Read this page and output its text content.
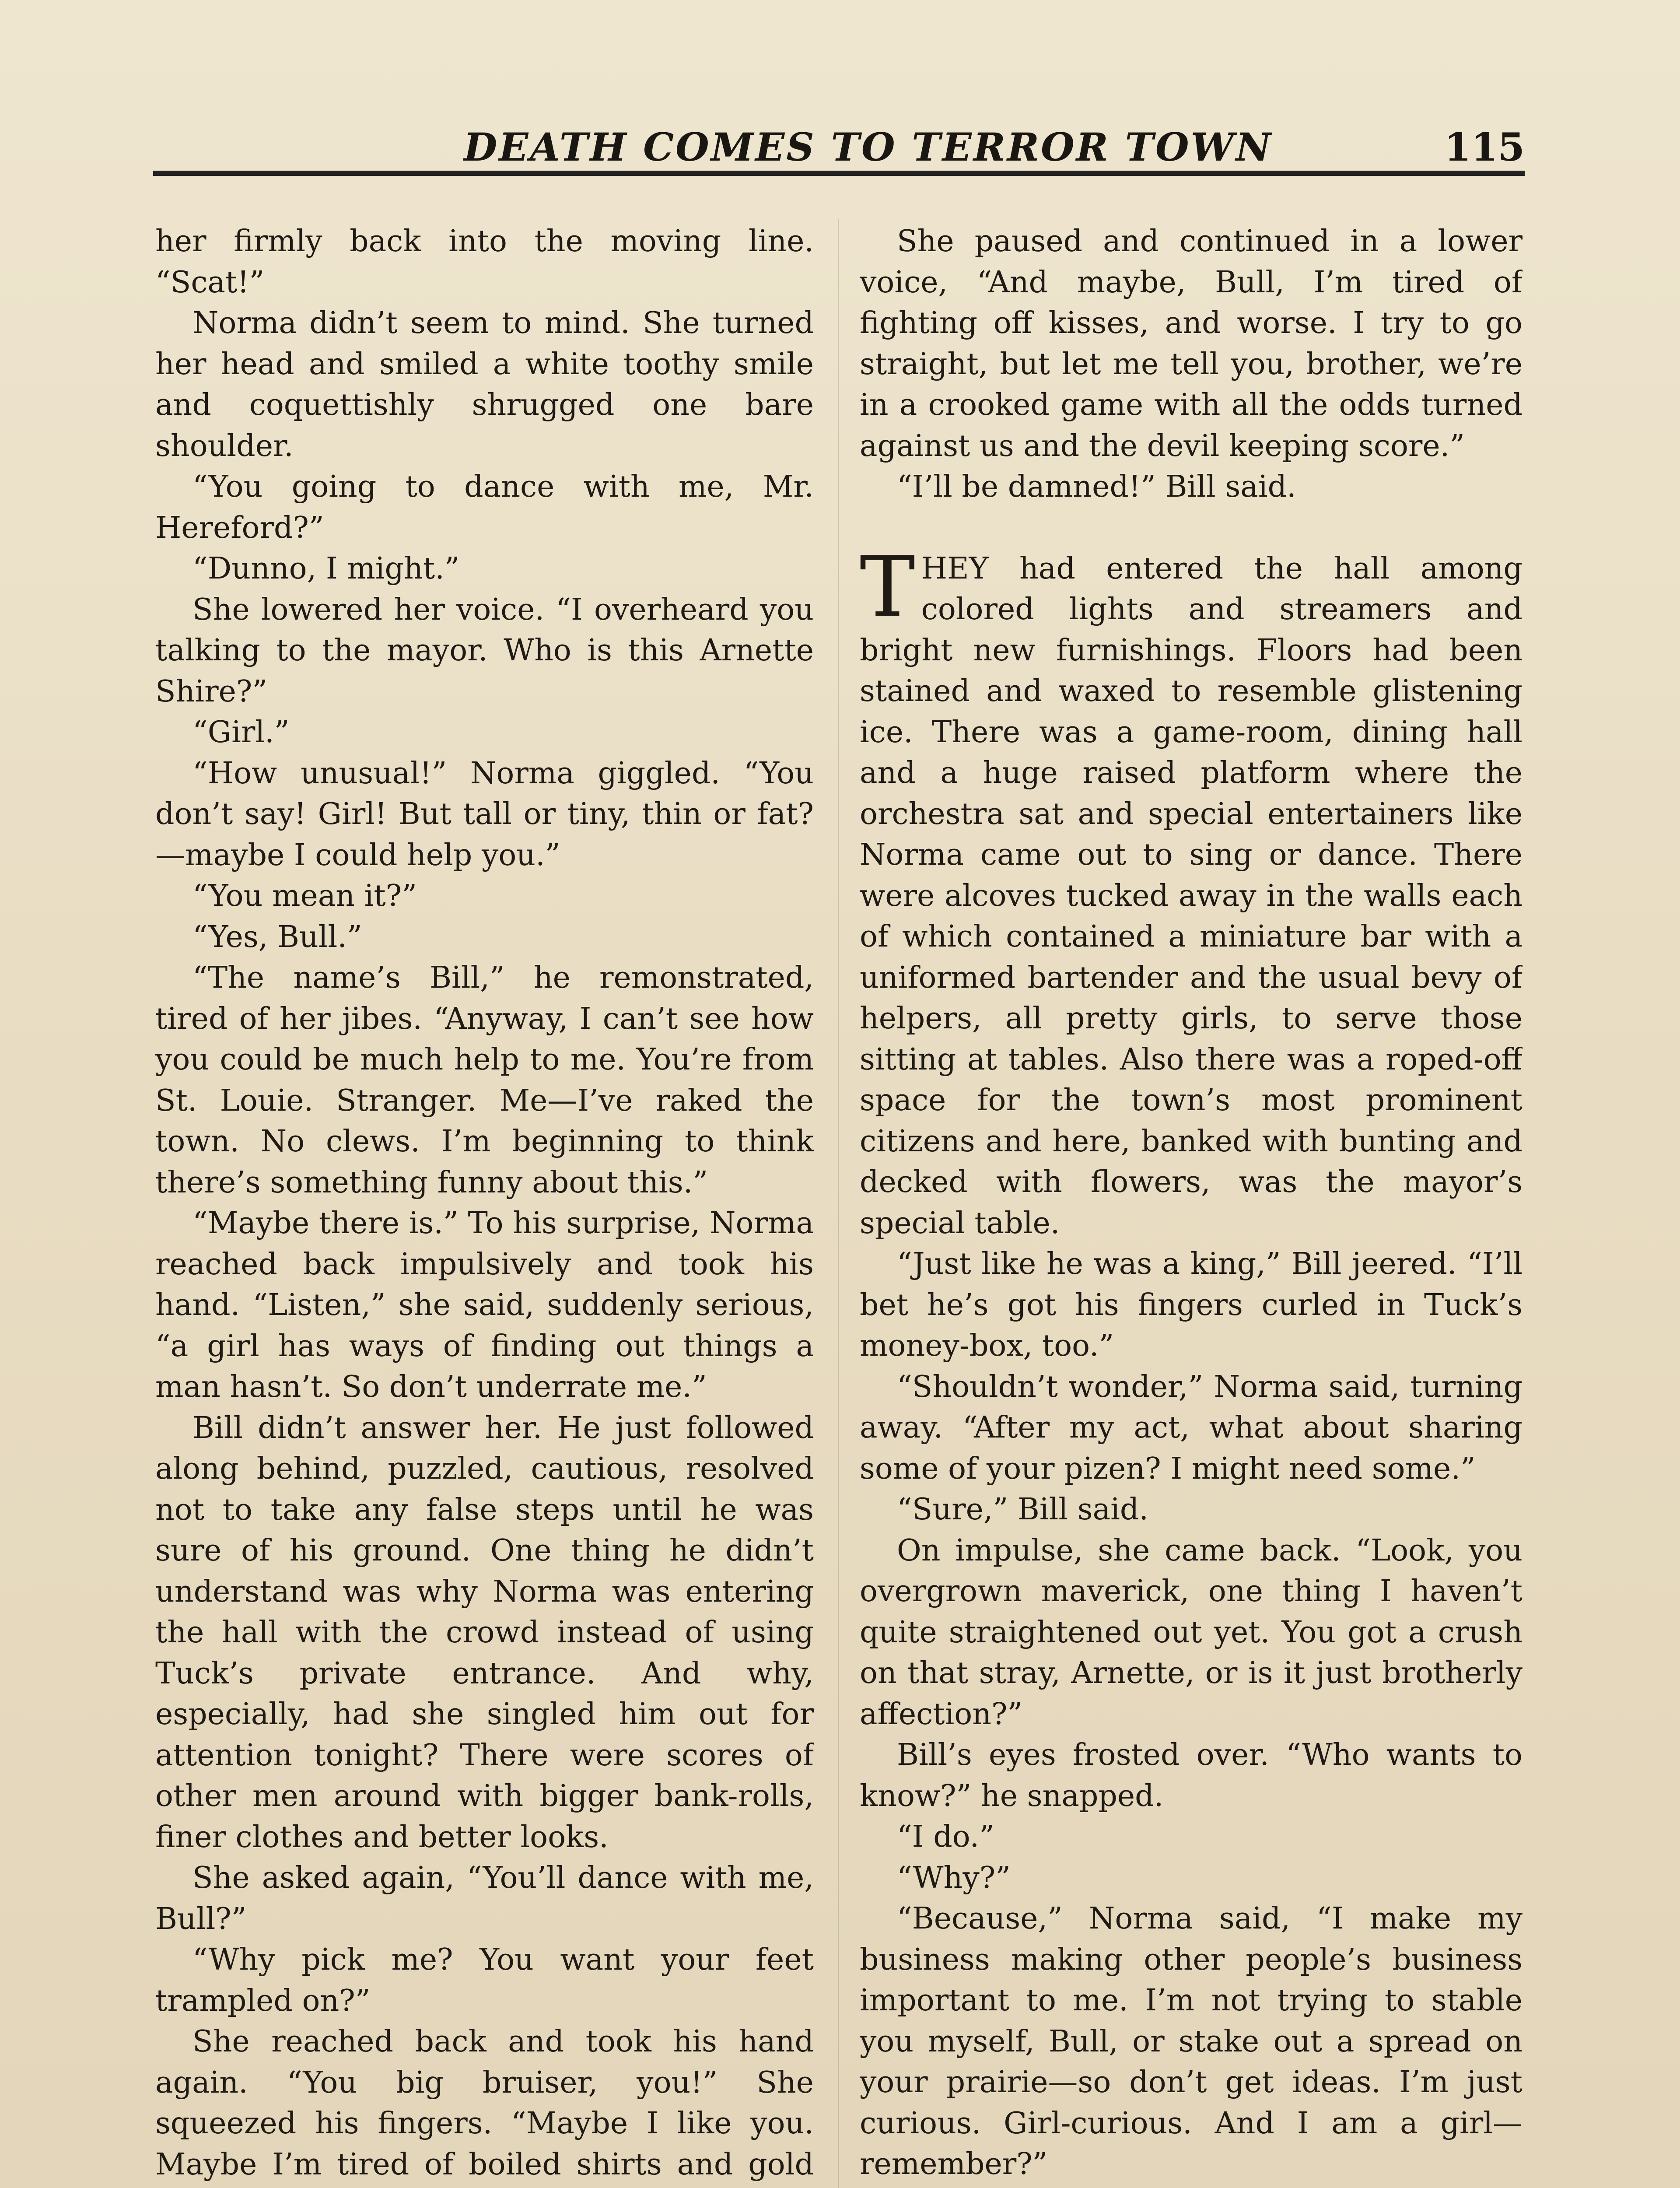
DEATH COMES TO TERROR TOWN	115

her firmly back into the moving line. “Scat!”

Norma didn’t seem to mind. She turned her head and smiled a white toothy smile and coquettishly shrugged one bare shoulder.

“You going to dance with me, Mr. Hereford?”

“Dunno, I might.”

She lowered her voice. “I overheard you talking to the mayor. Who is this Arnette Shire?”

“Girl.”

“How unusual!” Norma giggled. “You don’t say! Girl! But tall or tiny, thin or fat?—maybe I could help you.”

“You mean it?”

“Yes, Bull.”

“The name’s Bill,” he remonstrated, tired of her jibes. “Anyway, I can’t see how you could be much help to me. You’re from St. Louie. Stranger. Me—I’ve raked the town. No clews. I’m beginning to think there’s something funny about this.”

“Maybe there is.” To his surprise, Norma reached back impulsively and took his hand. “Listen,” she said, suddenly serious, “a girl has ways of finding out things a man hasn’t. So don’t underrate me.”

Bill didn’t answer her. He just followed along behind, puzzled, cautious, resolved not to take any false steps until he was sure of his ground. One thing he didn’t understand was why Norma was entering the hall with the crowd instead of using Tuck’s private entrance. And why, especially, had she singled him out for attention tonight? There were scores of other men around with bigger bank-rolls, finer clothes and better looks.

She asked again, “You’ll dance with me, Bull?”

“Why pick me? You want your feet trampled on?”

She reached back and took his hand again. “You big bruiser, you!” She squeezed his fingers. “Maybe I like you. Maybe I’m tired of boiled shirts and gold

She paused and continued in a lower voice, “And maybe, Bull, I’m tired of fighting off kisses, and worse. I try to go straight, but let me tell you, brother, we’re in a crooked game with all the odds turned against us and the devil keeping score.”

“I’ll be damned!” Bill said.

THEY had entered the hall among colored lights and streamers and bright new furnishings. Floors had been stained and waxed to resemble glistening ice. There was a game-room, dining hall and a huge raised platform where the orchestra sat and special entertainers like Norma came out to sing or dance. There were alcoves tucked away in the walls each of which contained a miniature bar with a uniformed bartender and the usual bevy of helpers, all pretty girls, to serve those sitting at tables. Also there was a roped-off space for the town’s most prominent citizens and here, banked with bunting and decked with flowers, was the mayor’s special table.

“Just like he was a king,” Bill jeered. “I’ll bet he’s got his fingers curled in Tuck’s money-box, too.”

“Shouldn’t wonder,” Norma said, turning away. “After my act, what about sharing some of your pizen? I might need some.”

“Sure,” Bill said.

On impulse, she came back. “Look, you overgrown maverick, one thing I haven’t quite straightened out yet. You got a crush on that stray, Arnette, or is it just brotherly affection?”

Bill’s eyes frosted over. “Who wants to know?” he snapped.

“I do.”

“Why?”

“Because,” Norma said, “I make my business making other people’s business important to me. I’m not trying to stable you myself, Bull, or stake out a spread on your prairie—so don’t get ideas. I’m just curious. Girl-curious. And I am a girl—remember?”
